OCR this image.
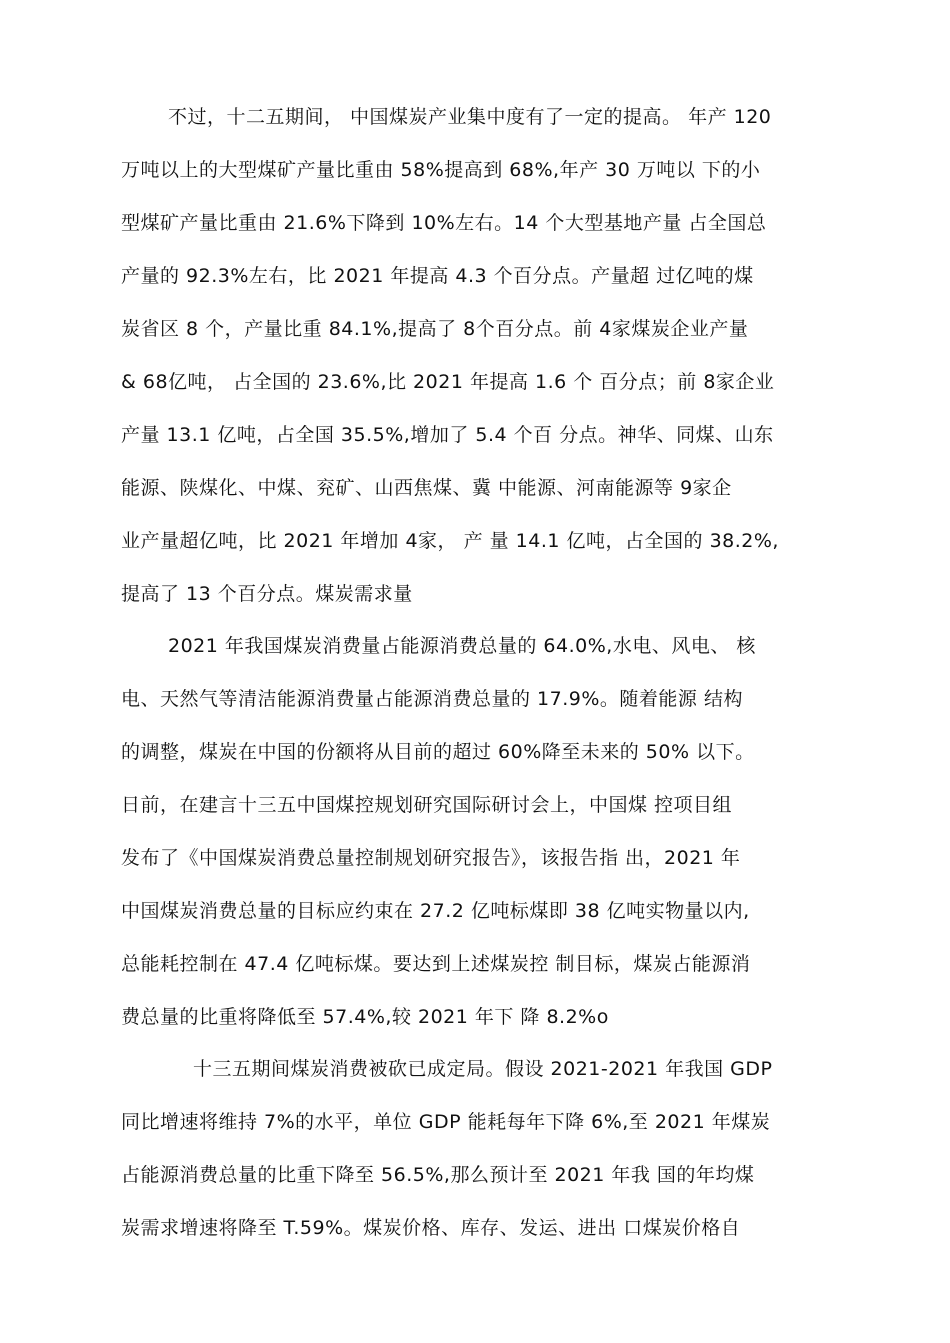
不过，十二五期间， 中国煤炭产业集中度有了一定的提高。 年产 120
万吨以上的大型煤矿产量比重由 58%提高到 68%,年产 30 万吨以 下的小
型煤矿产量比重由 21.6%下降到 10%左右。14 个大型基地产量 占全国总
产量的 92.3%左右，比 2021 年提高 4.3 个百分点。产量超 过亿吨的煤
炭省区 8 个，产量比重 84.1%,提高了 8个百分点。前 4家煤炭企业产量
& 68亿吨， 占全国的 23.6%,比 2021 年提高 1.6 个 百分点；前 8家企业
产量 13.1 亿吨，占全国 35.5%,增加了 5.4 个百 分点。神华、同煤、山东
能源、陕煤化、中煤、兖矿、山西焦煤、冀 中能源、河南能源等 9家企
业产量超亿吨，比 2021 年增加 4家， 产 量 14.1 亿吨，占全国的 38.2%,
提高了 13 个百分点。煤炭需求量
2021 年我国煤炭消费量占能源消费总量的 64.0%,水电、风电、 核
电、天然气等清洁能源消费量占能源消费总量的 17.9%。随着能源 结构
的调整，煤炭在中国的份额将从目前的超过 60%降至未来的 50% 以下。
日前，在建言十三五中国煤控规划研究国际研讨会上，中国煤 控项目组
发布了《中国煤炭消费总量控制规划研究报告》，该报告指 出，2021 年
中国煤炭消费总量的目标应约束在 27.2 亿吨标煤即 38 亿吨实物量以内,
总能耗控制在 47.4 亿吨标煤。要达到上述煤炭控 制目标，煤炭占能源消
费总量的比重将降低至 57.4%,较 2021 年下 降 8.2%o
十三五期间煤炭消费被砍已成定局。假设 2021-2021 年我国 GDP
同比增速将维持 7%的水平，单位 GDP 能耗每年下降 6%,至 2021 年煤炭
占能源消费总量的比重下降至 56.5%,那么预计至 2021 年我 国的年均煤
炭需求增速将降至 T.59%。煤炭价格、库存、发运、进出 口煤炭价格自
